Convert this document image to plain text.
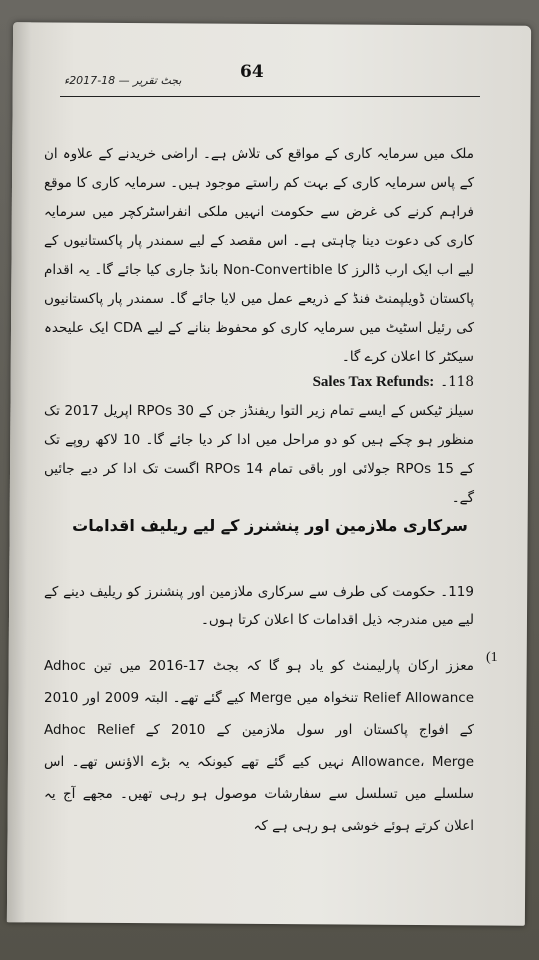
بجٹ تقریر — 18-2017ء	64
ملک میں سرمایہ کاری کے مواقع کی تلاش ہے۔ اراضی خریدنے کے علاوہ ان کے پاس سرمایہ کاری کے بہت کم راستے موجود ہیں۔ سرمایہ کاری کا موقع فراہم کرنے کی غرض سے حکومت انہیں ملکی انفراسٹرکچر میں سرمایہ کاری کی دعوت دینا چاہتی ہے۔ اس مقصد کے لیے سمندر پار پاکستانیوں کے لیے اب ایک ارب ڈالرز کا Non-Convertible بانڈ جاری کیا جائے گا۔ یہ اقدام پاکستان ڈویلپمنٹ فنڈ کے ذریعے عمل میں لایا جائے گا۔ سمندر پار پاکستانیوں کی رئیل اسٹیٹ میں سرمایہ کاری کو محفوظ بنانے کے لیے CDA ایک علیحدہ سیکٹر کا اعلان کرے گا۔
118۔
Sales Tax Refunds:
سیلز ٹیکس کے ایسے تمام زیر التوا ریفنڈز جن کے RPOs 30 اپریل 2017 تک منظور ہو چکے ہیں کو دو مراحل میں ادا کر دیا جائے گا۔ 10 لاکھ روپے تک کے RPOs 15 جولائی اور باقی تمام RPOs 14 اگست تک ادا کر دیے جائیں گے۔
سرکاری ملازمین اور پنشنرز کے لیے ریلیف اقدامات
119۔ حکومت کی طرف سے سرکاری ملازمین اور پنشنرز کو ریلیف دینے کے لیے میں مندرجہ ذیل اقدامات کا اعلان کرتا ہوں۔
(1
معزز ارکان پارلیمنٹ کو یاد ہو گا کہ بجٹ 17-2016 میں تین Adhoc Relief Allowance تنخواہ میں Merge کیے گئے تھے۔ البتہ 2009 اور 2010 کے افواج پاکستان اور سول ملازمین کے 2010 کے Adhoc Relief Allowance، Merge نہیں کیے گئے تھے کیونکہ یہ بڑے الاؤنس تھے۔ اس سلسلے میں تسلسل سے سفارشات موصول ہو رہی تھیں۔ مجھے آج یہ اعلان کرتے ہوئے خوشی ہو رہی ہے کہ
